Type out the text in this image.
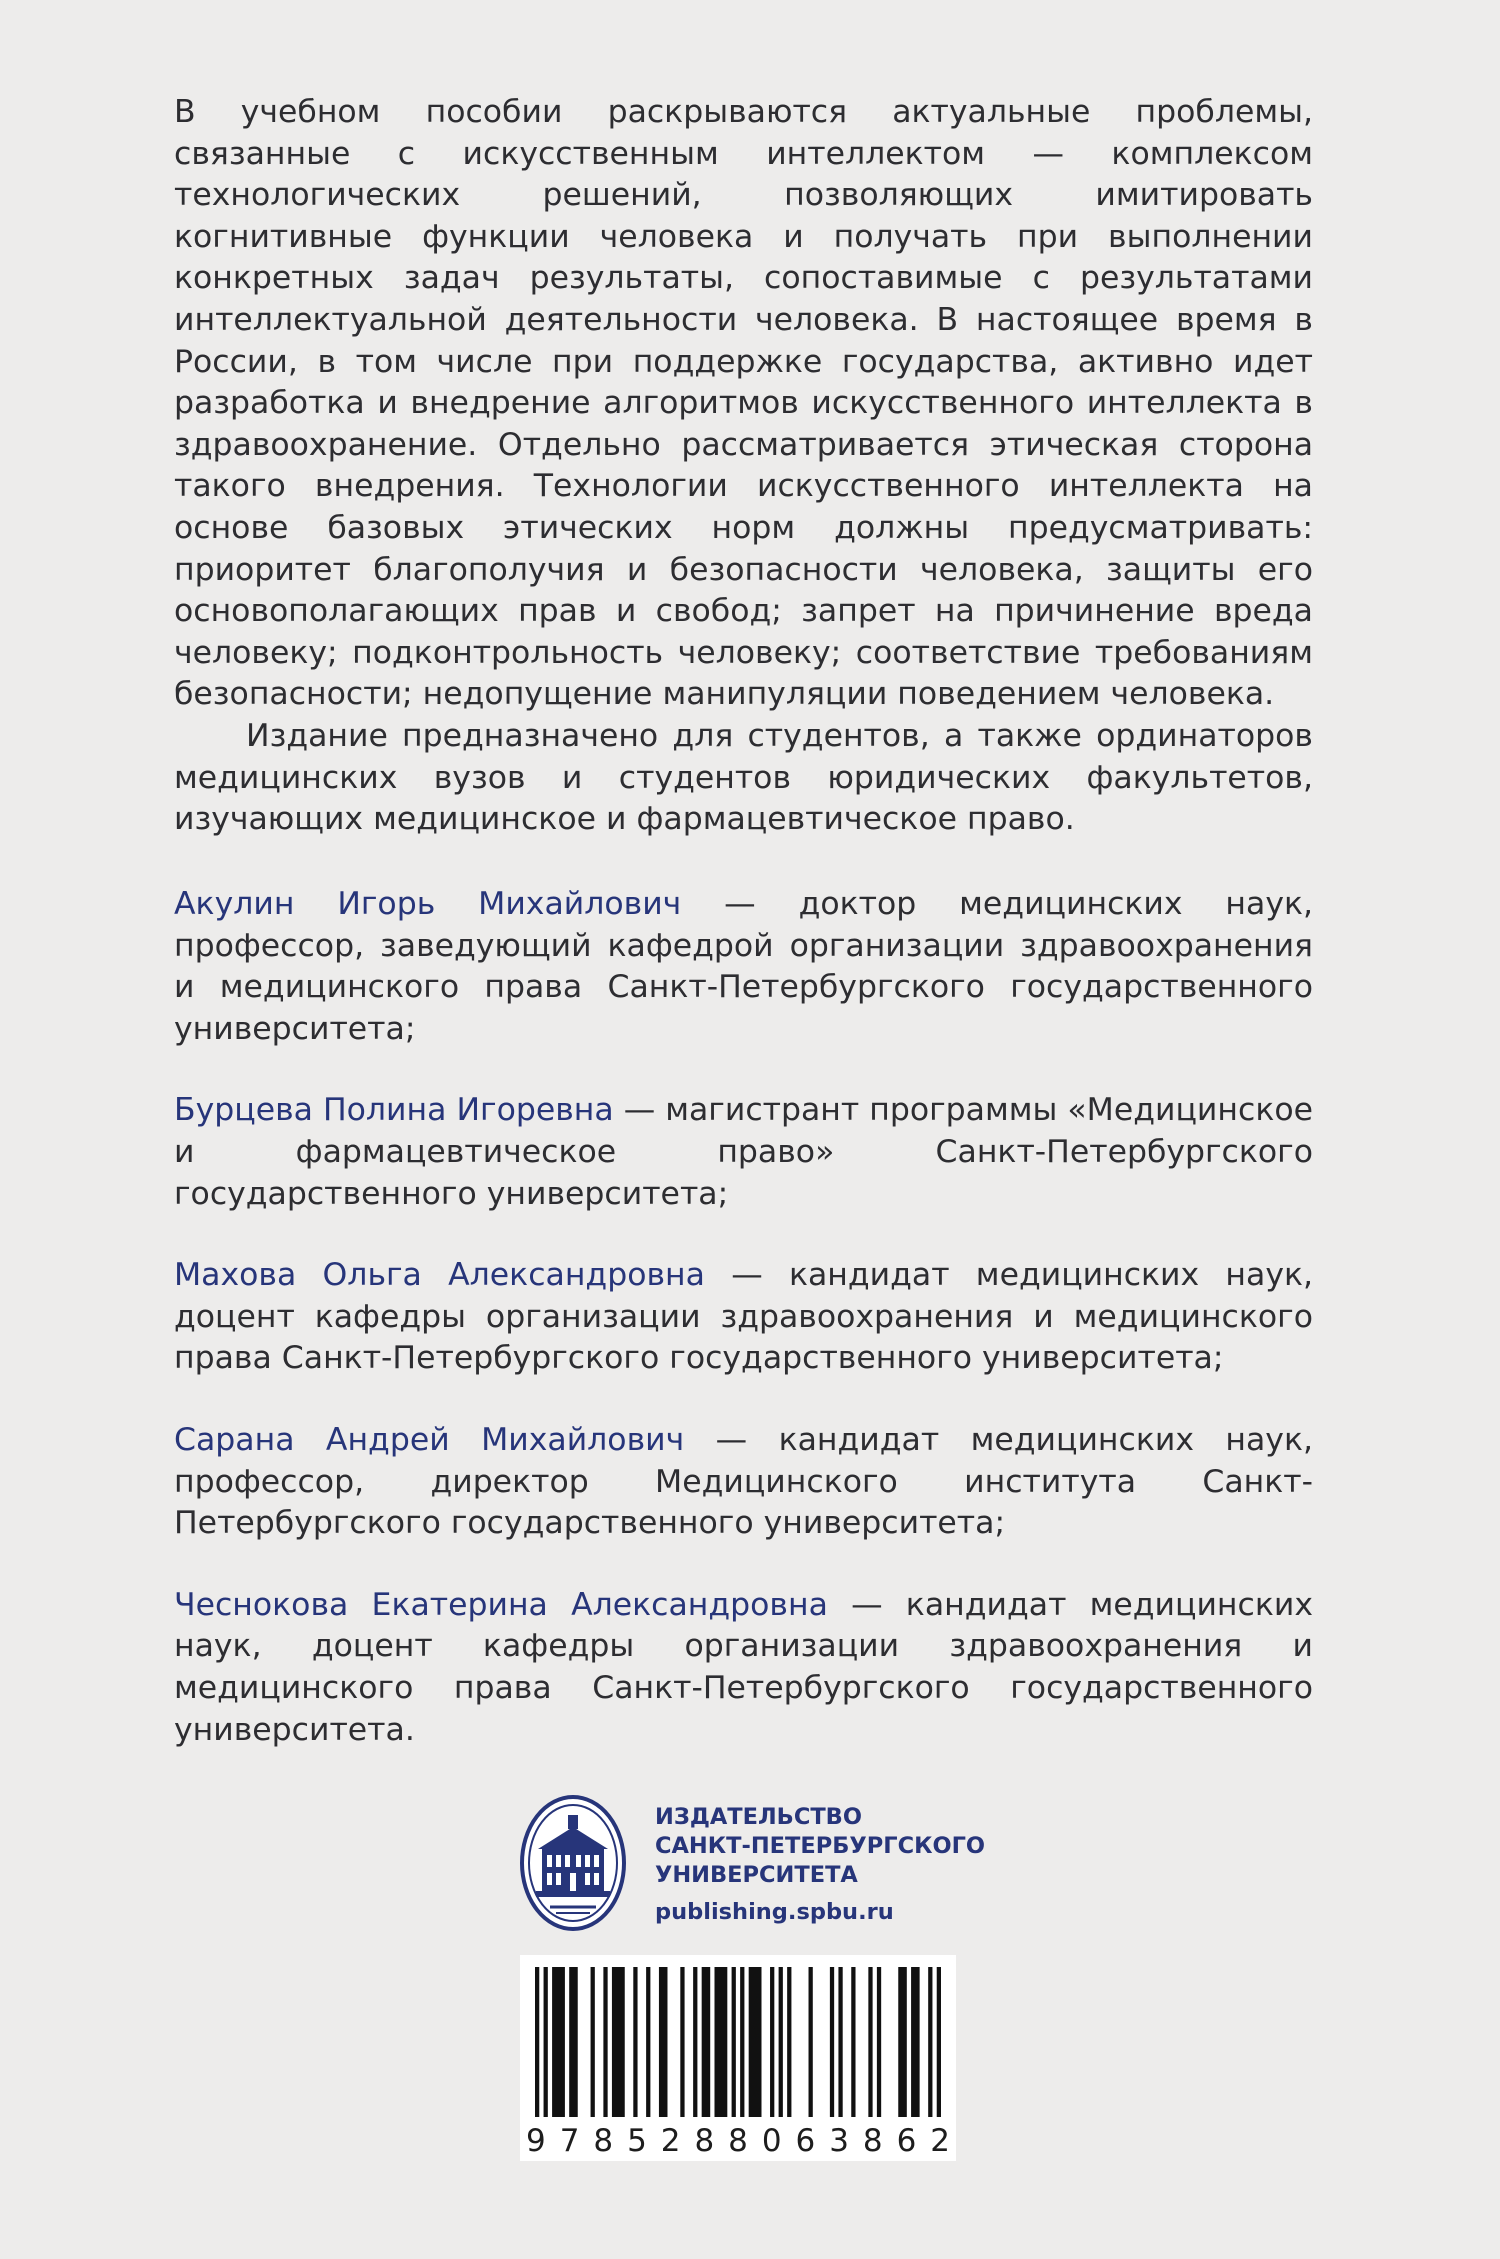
В учебном пособии раскрываются актуальные проблемы, связанные с искусственным интеллектом — комплексом технологических решений, позволяющих имитировать когнитивные функции человека и получать при выполнении конкретных задач результаты, сопоставимые с результатами интеллектуальной деятельности человека. В настоящее время в России, в том числе при поддержке государства, активно идет разработка и внедрение алгоритмов искусственного интеллекта в здравоохранение. Отдельно рассматривается этическая сторона такого внедрения. Технологии искусственного интеллекта на основе базовых этических норм должны предусматривать: приоритет благополучия и безопасности человека, защиты его основополагающих прав и свобод; запрет на причинение вреда человеку; подконтрольность человеку; соответствие требованиям безопасности; недопущение манипуляции поведением человека.

Издание предназначено для студентов, а также ординаторов медицинских вузов и студентов юридических факультетов, изучающих медицинское и фармацевтическое право.

Акулин Игорь Михайлович — доктор медицинских наук, профессор, заведующий кафедрой организации здравоохранения и медицинского права Санкт-Петербургского государственного университета;

Бурцева Полина Игоревна — магистрант программы «Медицинское и фармацевтическое право» Санкт-Петербургского государственного университета;

Махова Ольга Александровна — кандидат медицинских наук, доцент кафедры организации здравоохранения и медицинского права Санкт-Петербургского государственного университета;

Сарана Андрей Михайлович — кандидат медицинских наук, профессор, директор Медицинского института Санкт-Петербургского государственного университета;

Чеснокова Екатерина Александровна — кандидат медицинских наук, доцент кафедры организации здравоохранения и медицинского права Санкт-Петербургского государственного университета.

ИЗДАТЕЛЬСТВО
САНКТ-ПЕТЕРБУРГСКОГО
УНИВЕРСИТЕТА
publishing.spbu.ru
9 7 8 5 2 8 8 0 6 3 8 6 2
